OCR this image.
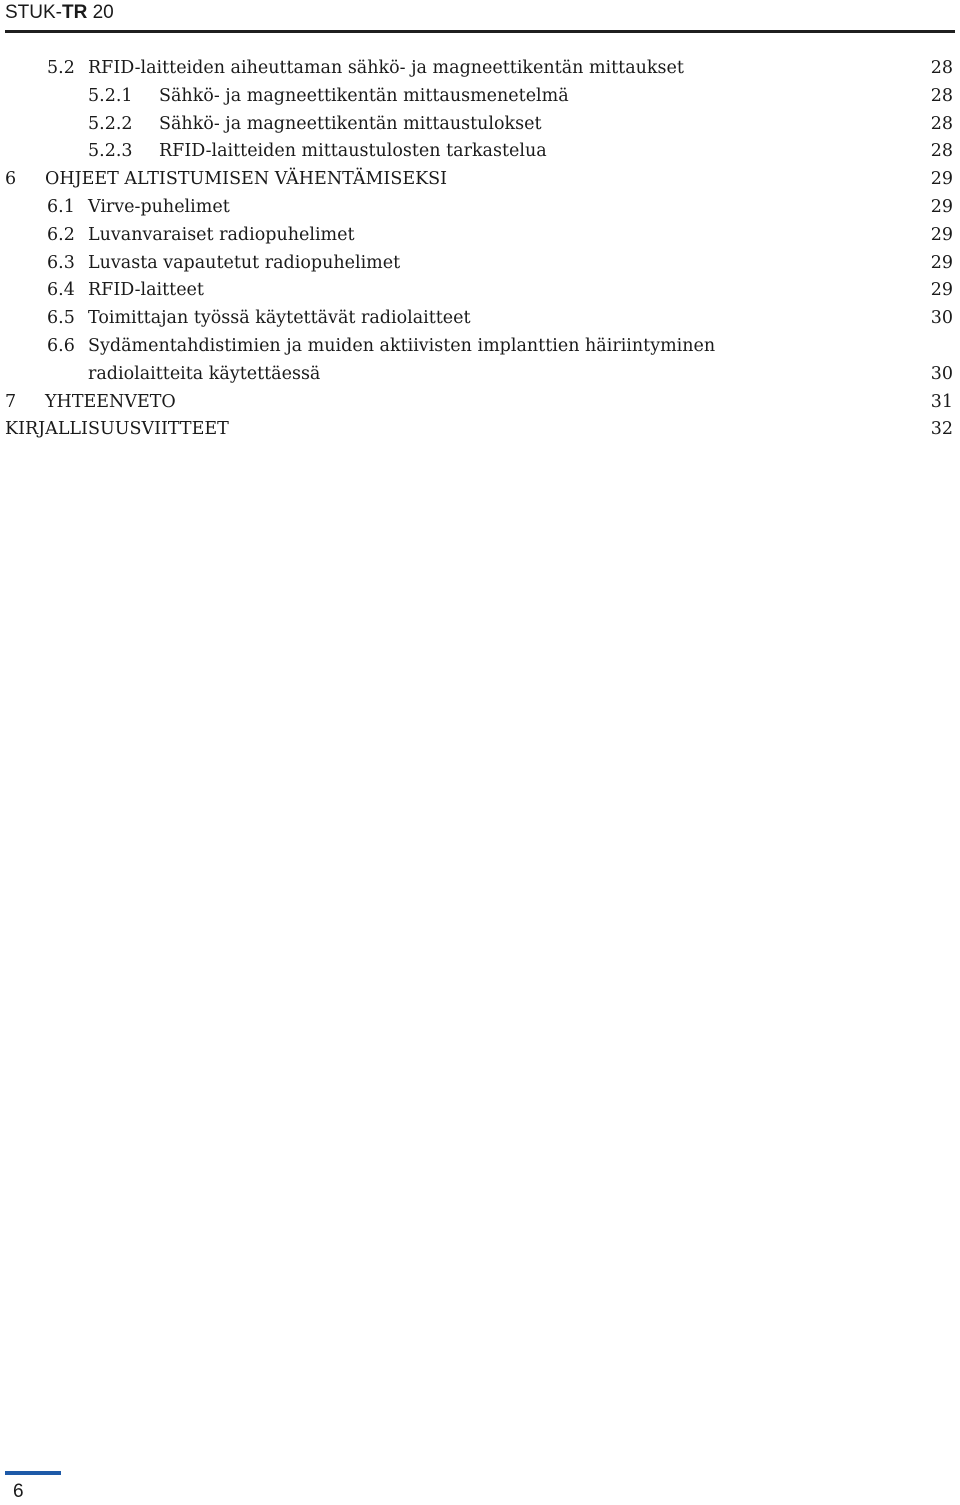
STUK-TR 20
5.2 RFID-laitteiden aiheuttaman sähkö- ja magneettikentän mittaukset	28
5.2.1 Sähkö- ja magneettikentän mittausmenetelmä	28
5.2.2 Sähkö- ja magneettikentän mittaustulokset	28
5.2.3 RFID-laitteiden mittaustulosten tarkastelua	28
6 OHJEET ALTISTUMISEN VÄHENTÄMISEKSI	29
6.1 Virve-puhelimet	29
6.2 Luvanvaraiset radiopuhelimet	29
6.3 Luvasta vapautetut radiopuhelimet	29
6.4 RFID-laitteet	29
6.5 Toimittajan työssä käytettävät radiolaitteet	30
6.6 Sydämentahdistimien ja muiden aktiivisten implanttien häiriintyminen
radiolaitteita käytettäessä	30
7 YHTEENVETO	31
KIRJALLISUUSVIITTEET	32
6
